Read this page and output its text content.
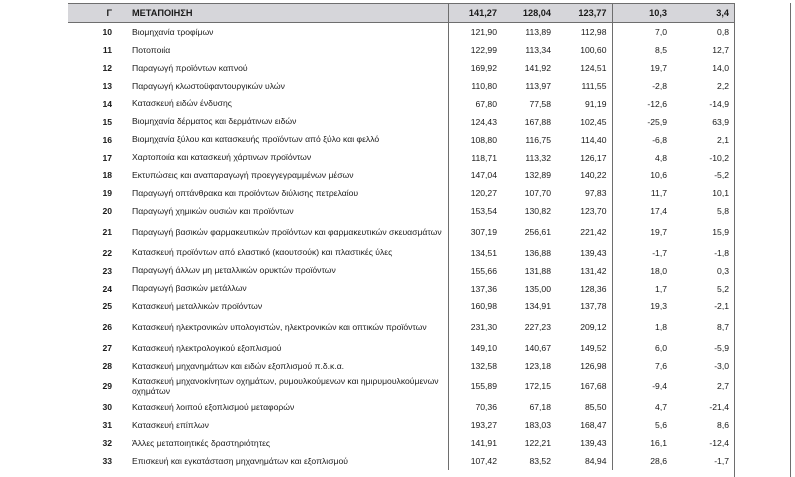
Γ	ΜΕΤΑΠΟΙΗΣΗ	141,27	128,04	123,77	10,3	3,4
10	Βιομηχανία τροφίμων	121,90	113,89	112,98	7,0	0,8
11	Ποτοποιία	122,99	113,34	100,60	8,5	12,7
12	Παραγωγή προϊόντων καπνού	169,92	141,92	124,51	19,7	14,0
13	Παραγωγή κλωστοϋφαντουργικών υλών	110,80	113,97	111,55	-2,8	2,2
14	Κατασκευή ειδών ένδυσης	67,80	77,58	91,19	-12,6	-14,9
15	Βιομηχανία δέρματος και δερμάτινων ειδών	124,43	167,88	102,45	-25,9	63,9
16	Βιομηχανία ξύλου και κατασκευής προϊόντων από ξύλο και φελλό	108,80	116,75	114,40	-6,8	2,1
17	Χαρτοποιία και κατασκευή χάρτινων προϊόντων	118,71	113,32	126,17	4,8	-10,2
18	Εκτυπώσεις και αναπαραγωγή προεγγεγραμμένων μέσων	147,04	132,89	140,22	10,6	-5,2
19	Παραγωγή οπτάνθρακα και προϊόντων διύλισης πετρελαίου	120,27	107,70	97,83	11,7	10,1
20	Παραγωγή χημικών ουσιών και προϊόντων	153,54	130,82	123,70	17,4	5,8
21	Παραγωγή βασικών φαρμακευτικών προϊόντων και φαρμακευτικών σκευασμάτων	307,19	256,61	221,42	19,7	15,9
22	Κατασκευή προϊόντων από ελαστικό (καουτσούκ) και πλαστικές ύλες	134,51	136,88	139,43	-1,7	-1,8
23	Παραγωγή άλλων μη μεταλλικών ορυκτών προϊόντων	155,66	131,88	131,42	18,0	0,3
24	Παραγωγή βασικών μετάλλων	137,36	135,00	128,36	1,7	5,2
25	Κατασκευή μεταλλικών προϊόντων	160,98	134,91	137,78	19,3	-2,1
26	Κατασκευή ηλεκτρονικών υπολογιστών, ηλεκτρονικών και οπτικών προϊόντων	231,30	227,23	209,12	1,8	8,7
27	Κατασκευή ηλεκτρολογικού εξοπλισμού	149,10	140,67	149,52	6,0	-5,9
28	Κατασκευή μηχανημάτων και ειδών εξοπλισμού π.δ.κ.α.	132,58	123,18	126,98	7,6	-3,0
29	Κατασκευή μηχανοκίνητων οχημάτων, ρυμουλκούμενων και ημιρυμουλκούμενων οχημάτων	155,89	172,15	167,68	-9,4	2,7
30	Κατασκευή λοιπού εξοπλισμού μεταφορών	70,36	67,18	85,50	4,7	-21,4
31	Κατασκευή επίπλων	193,27	183,03	168,47	5,6	8,6
32	Άλλες μεταποιητικές δραστηριότητες	141,91	122,21	139,43	16,1	-12,4
33	Επισκευή και εγκατάσταση μηχανημάτων και εξοπλισμού	107,42	83,52	84,94	28,6	-1,7
